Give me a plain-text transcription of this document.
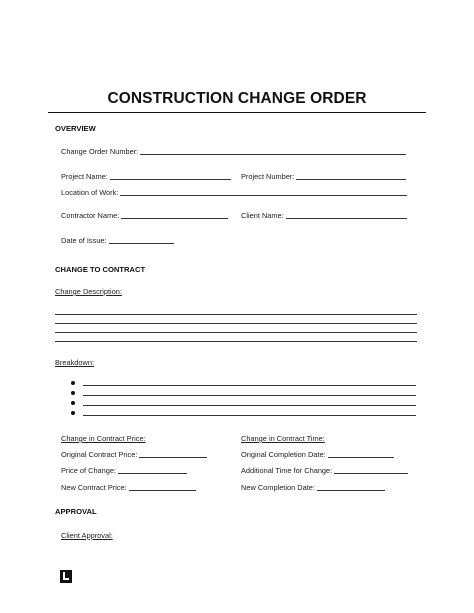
CONSTRUCTION CHANGE ORDER
OVERVIEW
Change Order Number:
Project Name:	Project Number:
Location of Work:
Contractor Name:	Client Name:
Date of Issue:
CHANGE TO CONTRACT
Change Description:
Breakdown:
Change in Contract Price:	Change in Contract Time:
Original Contract Price:	Original Completion Date:
Price of Change:	Additional Time for Change:
New Contract Price:	New Completion Date:
APPROVAL
Client Approval:
